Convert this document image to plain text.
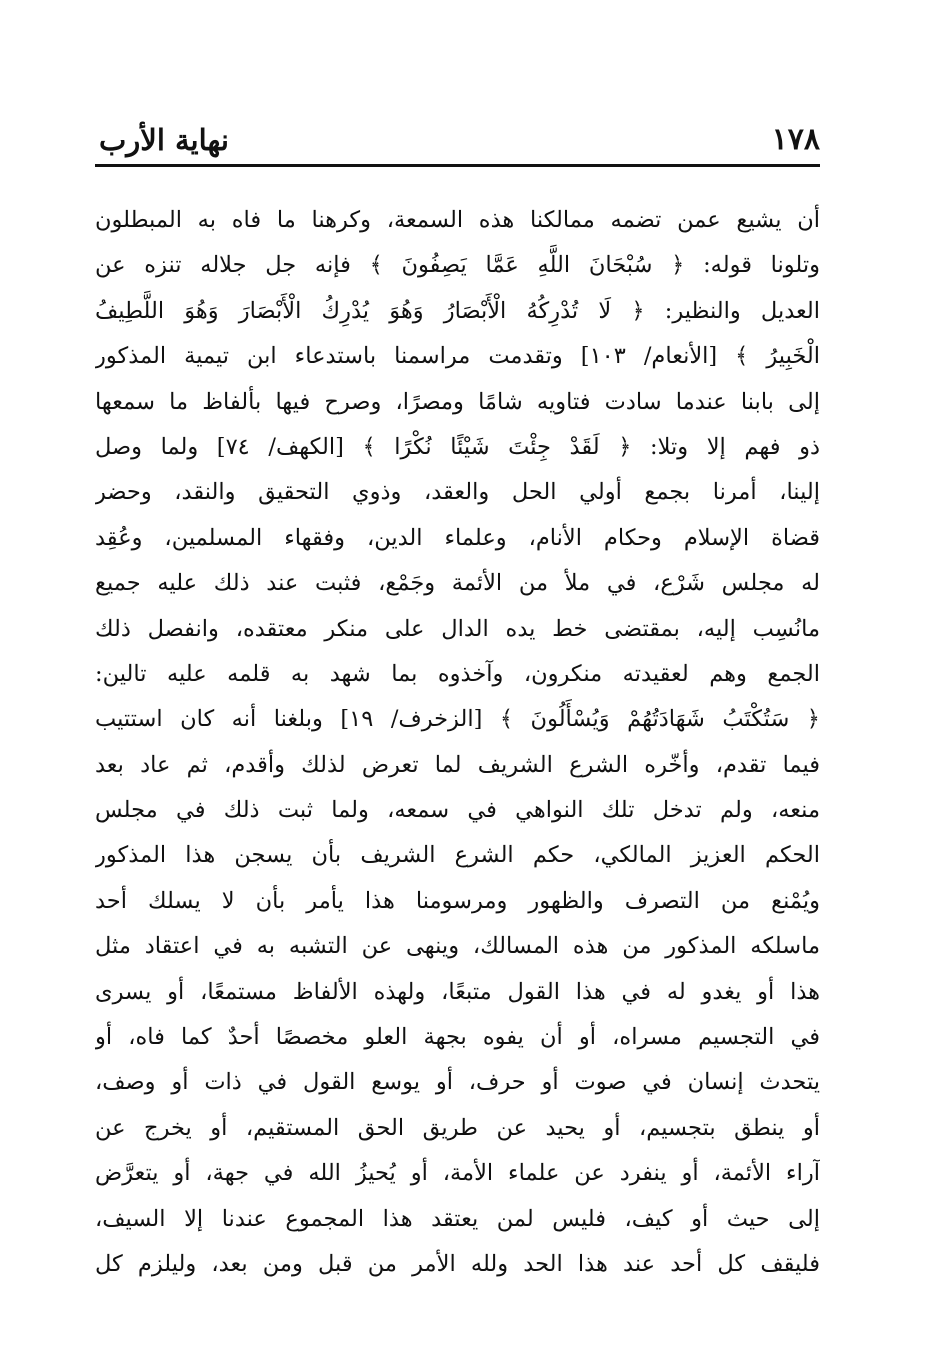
١٧٨
نهاية الأرب
أن يشيع عمن تضمه ممالكنا هذه السمعة، وكرهنا ما فاه به المبطلون
وتلونا قوله: ﴿ سُبْحَانَ اللَّهِ عَمَّا يَصِفُونَ ﴾ فإنه جل جلاله تنزه عن
العديل والنظير: ﴿ لَا تُدْرِكُهُ الْأَبْصَارُ وَهُوَ يُدْرِكُ الْأَبْصَارَ وَهُوَ اللَّطِيفُ
الْخَبِيرُ ﴾ [الأنعام/ ١٠٣] وتقدمت مراسمنا باستدعاء ابن تيمية المذكور
إلى بابنا عندما سادت فتاويه شامًا ومصرًا، وصرح فيها بألفاظ ما سمعها
ذو فهم إلا وتلا: ﴿ لَقَدْ جِئْتَ شَيْئًا نُكْرًا ﴾ [الكهف/ ٧٤] ولما وصل
إلينا، أمرنا بجمع أولي الحل والعقد، وذوي التحقيق والنقد، وحضر
قضاة الإسلام وحكام الأنام، وعلماء الدين، وفقهاء المسلمين، وعُقِد
له مجلس شَرْع، في ملأ من الأئمة وجَمْع، فثبت عند ذلك عليه جميع
مانُسِب إليه، بمقتضى خط يده الدال على منكر معتقده، وانفصل ذلك
الجمع وهم لعقيدته منكرون، وآخذوه بما شهد به قلمه عليه تالين:
﴿ سَتُكْتَبُ شَهَادَتُهُمْ وَيُسْأَلُونَ ﴾ [الزخرف/ ١٩] وبلغنا أنه كان استتيب
فيما تقدم، وأخّره الشرع الشريف لما تعرض لذلك وأقدم، ثم عاد بعد
منعه، ولم تدخل تلك النواهي في سمعه، ولما ثبت ذلك في مجلس
الحكم العزيز المالكي، حكم الشرع الشريف بأن يسجن هذا المذكور
ويُمْنع من التصرف والظهور ومرسومنا هذا يأمر بأن لا يسلك أحد
ماسلكه المذكور من هذه المسالك، وينهى عن التشبه به في اعتقاد مثل
هذا أو يغدو له في هذا القول متبعًا، ولهذه الألفاظ مستمعًا، أو يسرى
في التجسيم مسراه، أو أن يفوه بجهة العلو مخصصًا أحدٌ كما فاه، أو
يتحدث إنسان في صوت أو حرف، أو يوسع القول في ذات أو وصف،
أو ينطق بتجسيم، أو يحيد عن طريق الحق المستقيم، أو يخرج عن
آراء الأئمة، أو ينفرد عن علماء الأمة، أو يُحيزُ الله في جهة، أو يتعرَّض
إلى حيث أو كيف، فليس لمن يعتقد هذا المجموع عندنا إلا السيف،
فليقف كل أحد عند هذا الحد ولله الأمر من قبل ومن بعد، وليلزم كل
